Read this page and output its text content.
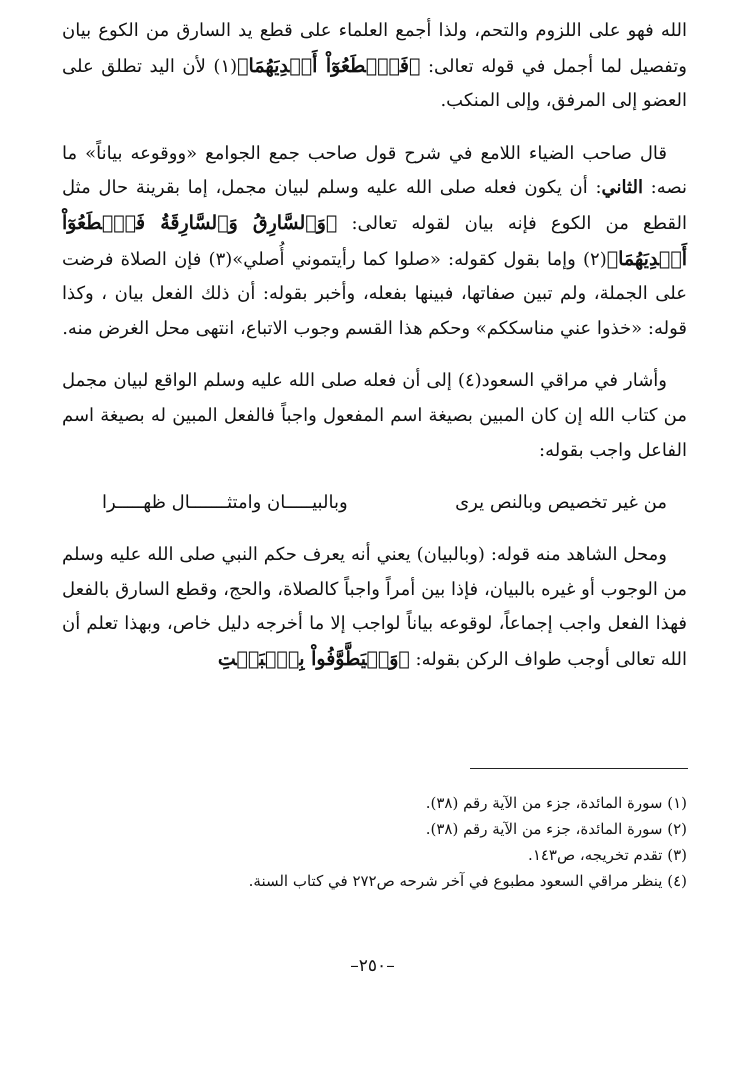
الله فهو على اللزوم والتحم، ولذا أجمع العلماء على قطع يد السارق من الكوع بيان وتفصيل لما أجمل في قوله تعالى: ﴿فَٱقۡطَعُوٓاْ أَيۡدِيَهُمَا﴾(١) لأن اليد تطلق على العضو إلى المرفق، وإلى المنكب.

قال صاحب الضياء اللامع في شرح قول صاحب جمع الجوامع «ووقوعه بياناً» ما نصه: الثاني: أن يكون فعله صلى الله عليه وسلم لبيان مجمل، إما بقرينة حال مثل القطع من الكوع فإنه بيان لقوله تعالى: ﴿وَٱلسَّارِقُ وَٱلسَّارِقَةُ فَٱقۡطَعُوٓاْ أَيۡدِيَهُمَا﴾(٢) وإما بقول كقوله: «صلوا كما رأيتموني أُصلي»(٣) فإن الصلاة فرضت على الجملة، ولم تبين صفاتها، فبينها بفعله، وأخبر بقوله: أن ذلك الفعل بيان ، وكذا قوله: «خذوا عني مناسككم» وحكم هذا القسم وجوب الاتباع، انتهى محل الغرض منه.

وأشار في مراقي السعود(٤) إلى أن فعله صلى الله عليه وسلم الواقع لبيان مجمل من كتاب الله إن كان المبين بصيغة اسم المفعول واجباً فالفعل المبين له بصيغة اسم الفاعل واجب بقوله:

من غير تخصيص وبالنص يرى
وبالبيـــــان وامتثـــــــال ظهـــــرا

ومحل الشاهد منه قوله: (وبالبيان) يعني أنه يعرف حكم النبي صلى الله عليه وسلم من الوجوب أو غيره بالبيان، فإذا بين أمراً واجباً كالصلاة، والحج، وقطع السارق بالفعل فهذا الفعل واجب إجماعاً، لوقوعه بياناً لواجب إلا ما أخرجه دليل خاص، وبهذا تعلم أن الله تعالى أوجب طواف الركن بقوله: ﴿وَلۡيَطَّوَّفُواْ بِٱلۡبَيۡتِ

(١) سورة المائدة، جزء من الآية رقم (٣٨).

(٢) سورة المائدة، جزء من الآية رقم (٣٨).

(٣) تقدم تخريجه، ص١٤٣.

(٤) ينظر مراقي السعود مطبوع في آخر شرحه ص٢٧٢ في كتاب السنة.

–٢٥٠–
